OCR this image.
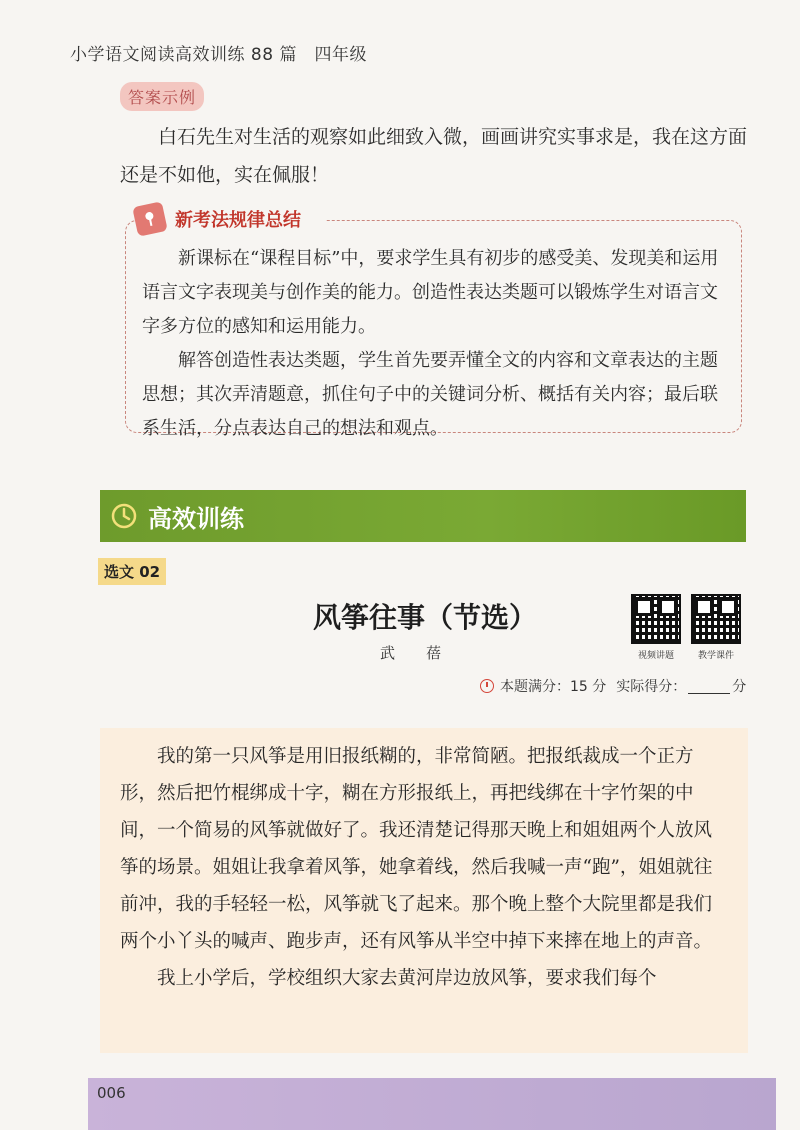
小学语文阅读高效训练 88 篇　四年级
答案示例
白石先生对生活的观察如此细致入微，画画讲究实事求是，我在这方面还是不如他，实在佩服！
新考法规律总结

新课标在“课程目标”中，要求学生具有初步的感受美、发现美和运用语言文字表现美与创作美的能力。创造性表达类题可以锻炼学生对语言文字多方位的感知和运用能力。

解答创造性表达类题，学生首先要弄懂全文的内容和文章表达的主题思想；其次弄清题意，抓住句子中的关键词分析、概括有关内容；最后联系生活，分点表达自己的想法和观点。

高效训练
选文 02
风筝往事（节选）
武　蓓	视频讲题	教学课件
本题满分：15 分 实际得分：	分

我的第一只风筝是用旧报纸糊的，非常简陋。把报纸裁成一个正方形，然后把竹棍绑成十字，糊在方形报纸上，再把线绑在十字竹架的中间，一个简易的风筝就做好了。我还清楚记得那天晚上和姐姐两个人放风筝的场景。姐姐让我拿着风筝，她拿着线，然后我喊一声“跑”，姐姐就往前冲，我的手轻轻一松，风筝就飞了起来。那个晚上整个大院里都是我们两个小丫头的喊声、跑步声，还有风筝从半空中掉下来摔在地上的声音。

我上小学后，学校组织大家去黄河岸边放风筝，要求我们每个

006
